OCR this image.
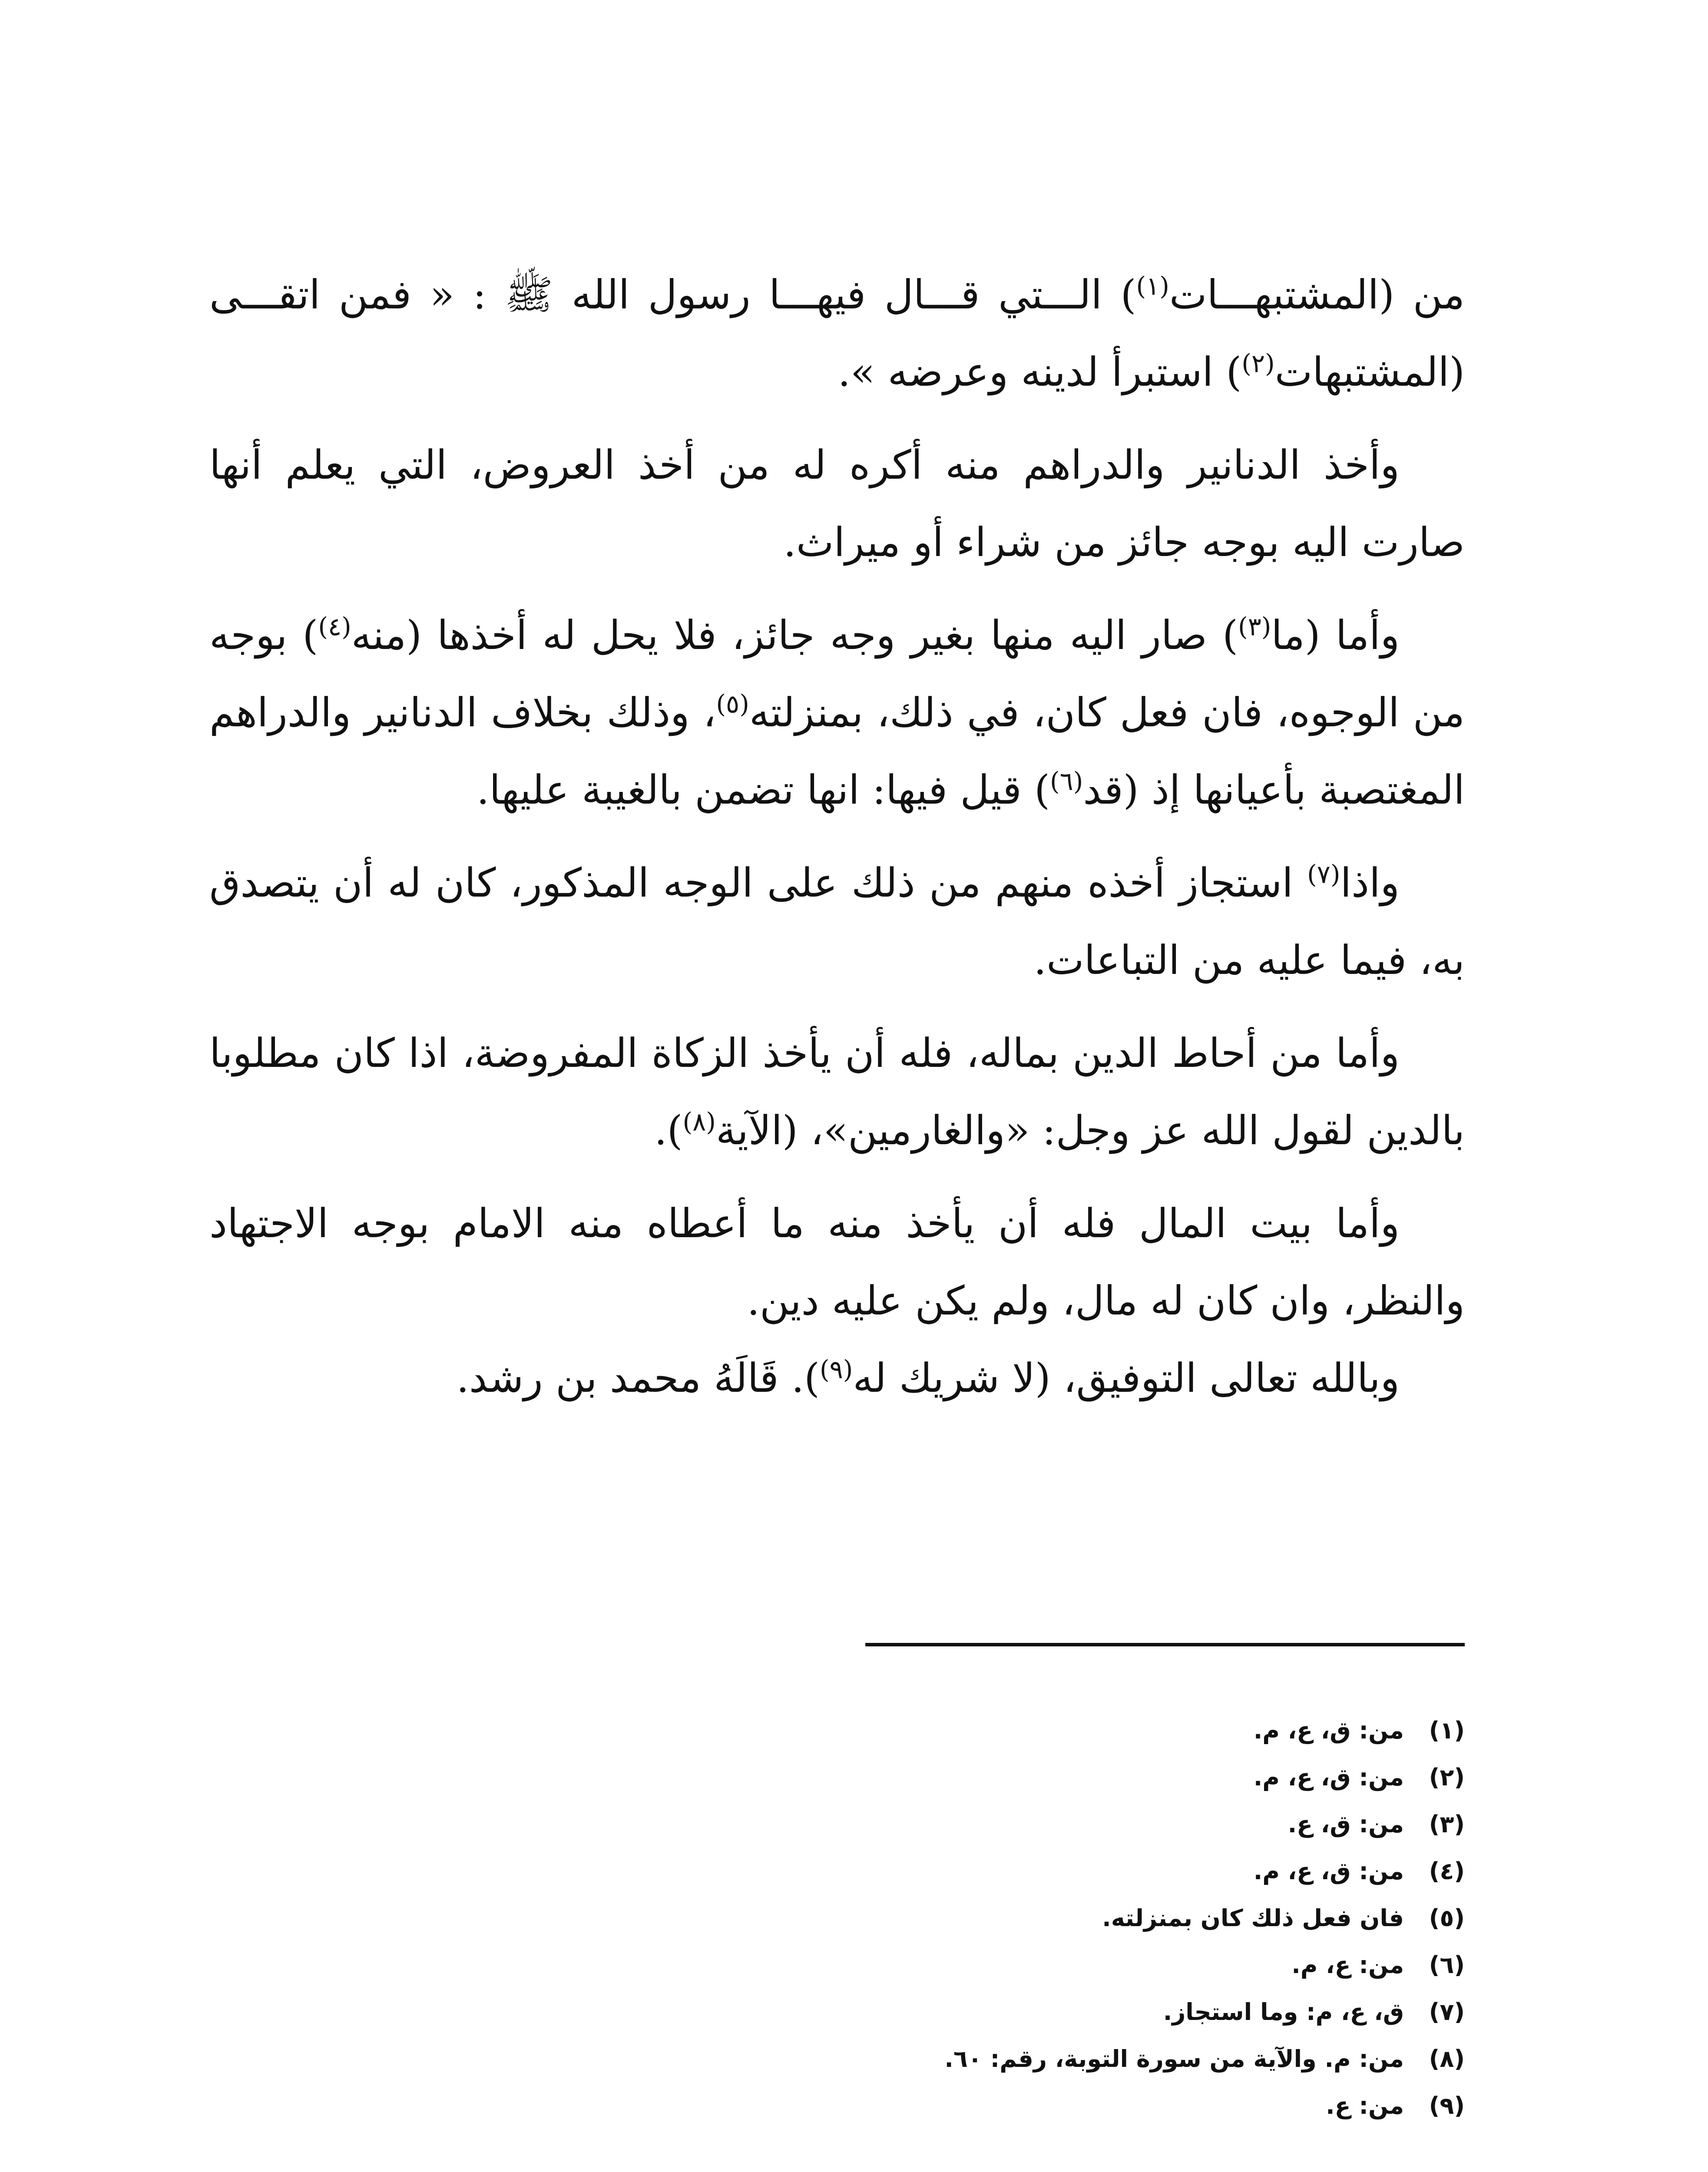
من (المشتبهـــات$^{(١)}$) الـــتي قـــال فيهـــا رسول الله ﷺ : « فمن اتقـــى (المشتبهات$^{(٢)}$) استبرأ لدينه وعرضه ».

وأخذ الدنانير والدراهم منه أكره له من أخذ العروض، التي يعلم أنها صارت اليه بوجه جائز من شراء أو ميراث.

وأما (ما$^{(٣)}$) صار اليه منها بغير وجه جائز، فلا يحل له أخذها (منه$^{(٤)}$) بوجه من الوجوه، فان فعل كان، في ذلك، بمنزلته$^{(٥)}$، وذلك بخلاف الدنانير والدراهم المغتصبة بأعيانها إذ (قد$^{(٦)}$) قيل فيها: انها تضمن بالغيبة عليها.

واذا$^{(٧)}$ استجاز أخذه منهم من ذلك على الوجه المذكور، كان له أن يتصدق به، فيما عليه من التباعات.

وأما من أحاط الدين بماله، فله أن يأخذ الزكاة المفروضة، اذا كان مطلوبا بالدين لقول الله عز وجل: «والغارمين»، (الآية$^{(٨)}$).

وأما بيت المال فله أن يأخذ منه ما أعطاه منه الامام بوجه الاجتهاد والنظر، وان كان له مال، ولم يكن عليه دين.

وبالله تعالى التوفيق، (لا شريك له$^{(٩)}$). قَالَهُ محمد بن رشد.

(١)
من: ق، ع، م.
(٢)
من: ق، ع، م.
(٣)
من: ق، ع.
(٤)
من: ق، ع، م.
(٥)
فان فعل ذلك كان بمنزلته.
(٦)
من: ع، م.
(٧)
ق، ع، م: وما استجاز.
(٨)
من: م. والآية من سورة التوبة، رقم: ٦٠.
(٩)
من: ع.
